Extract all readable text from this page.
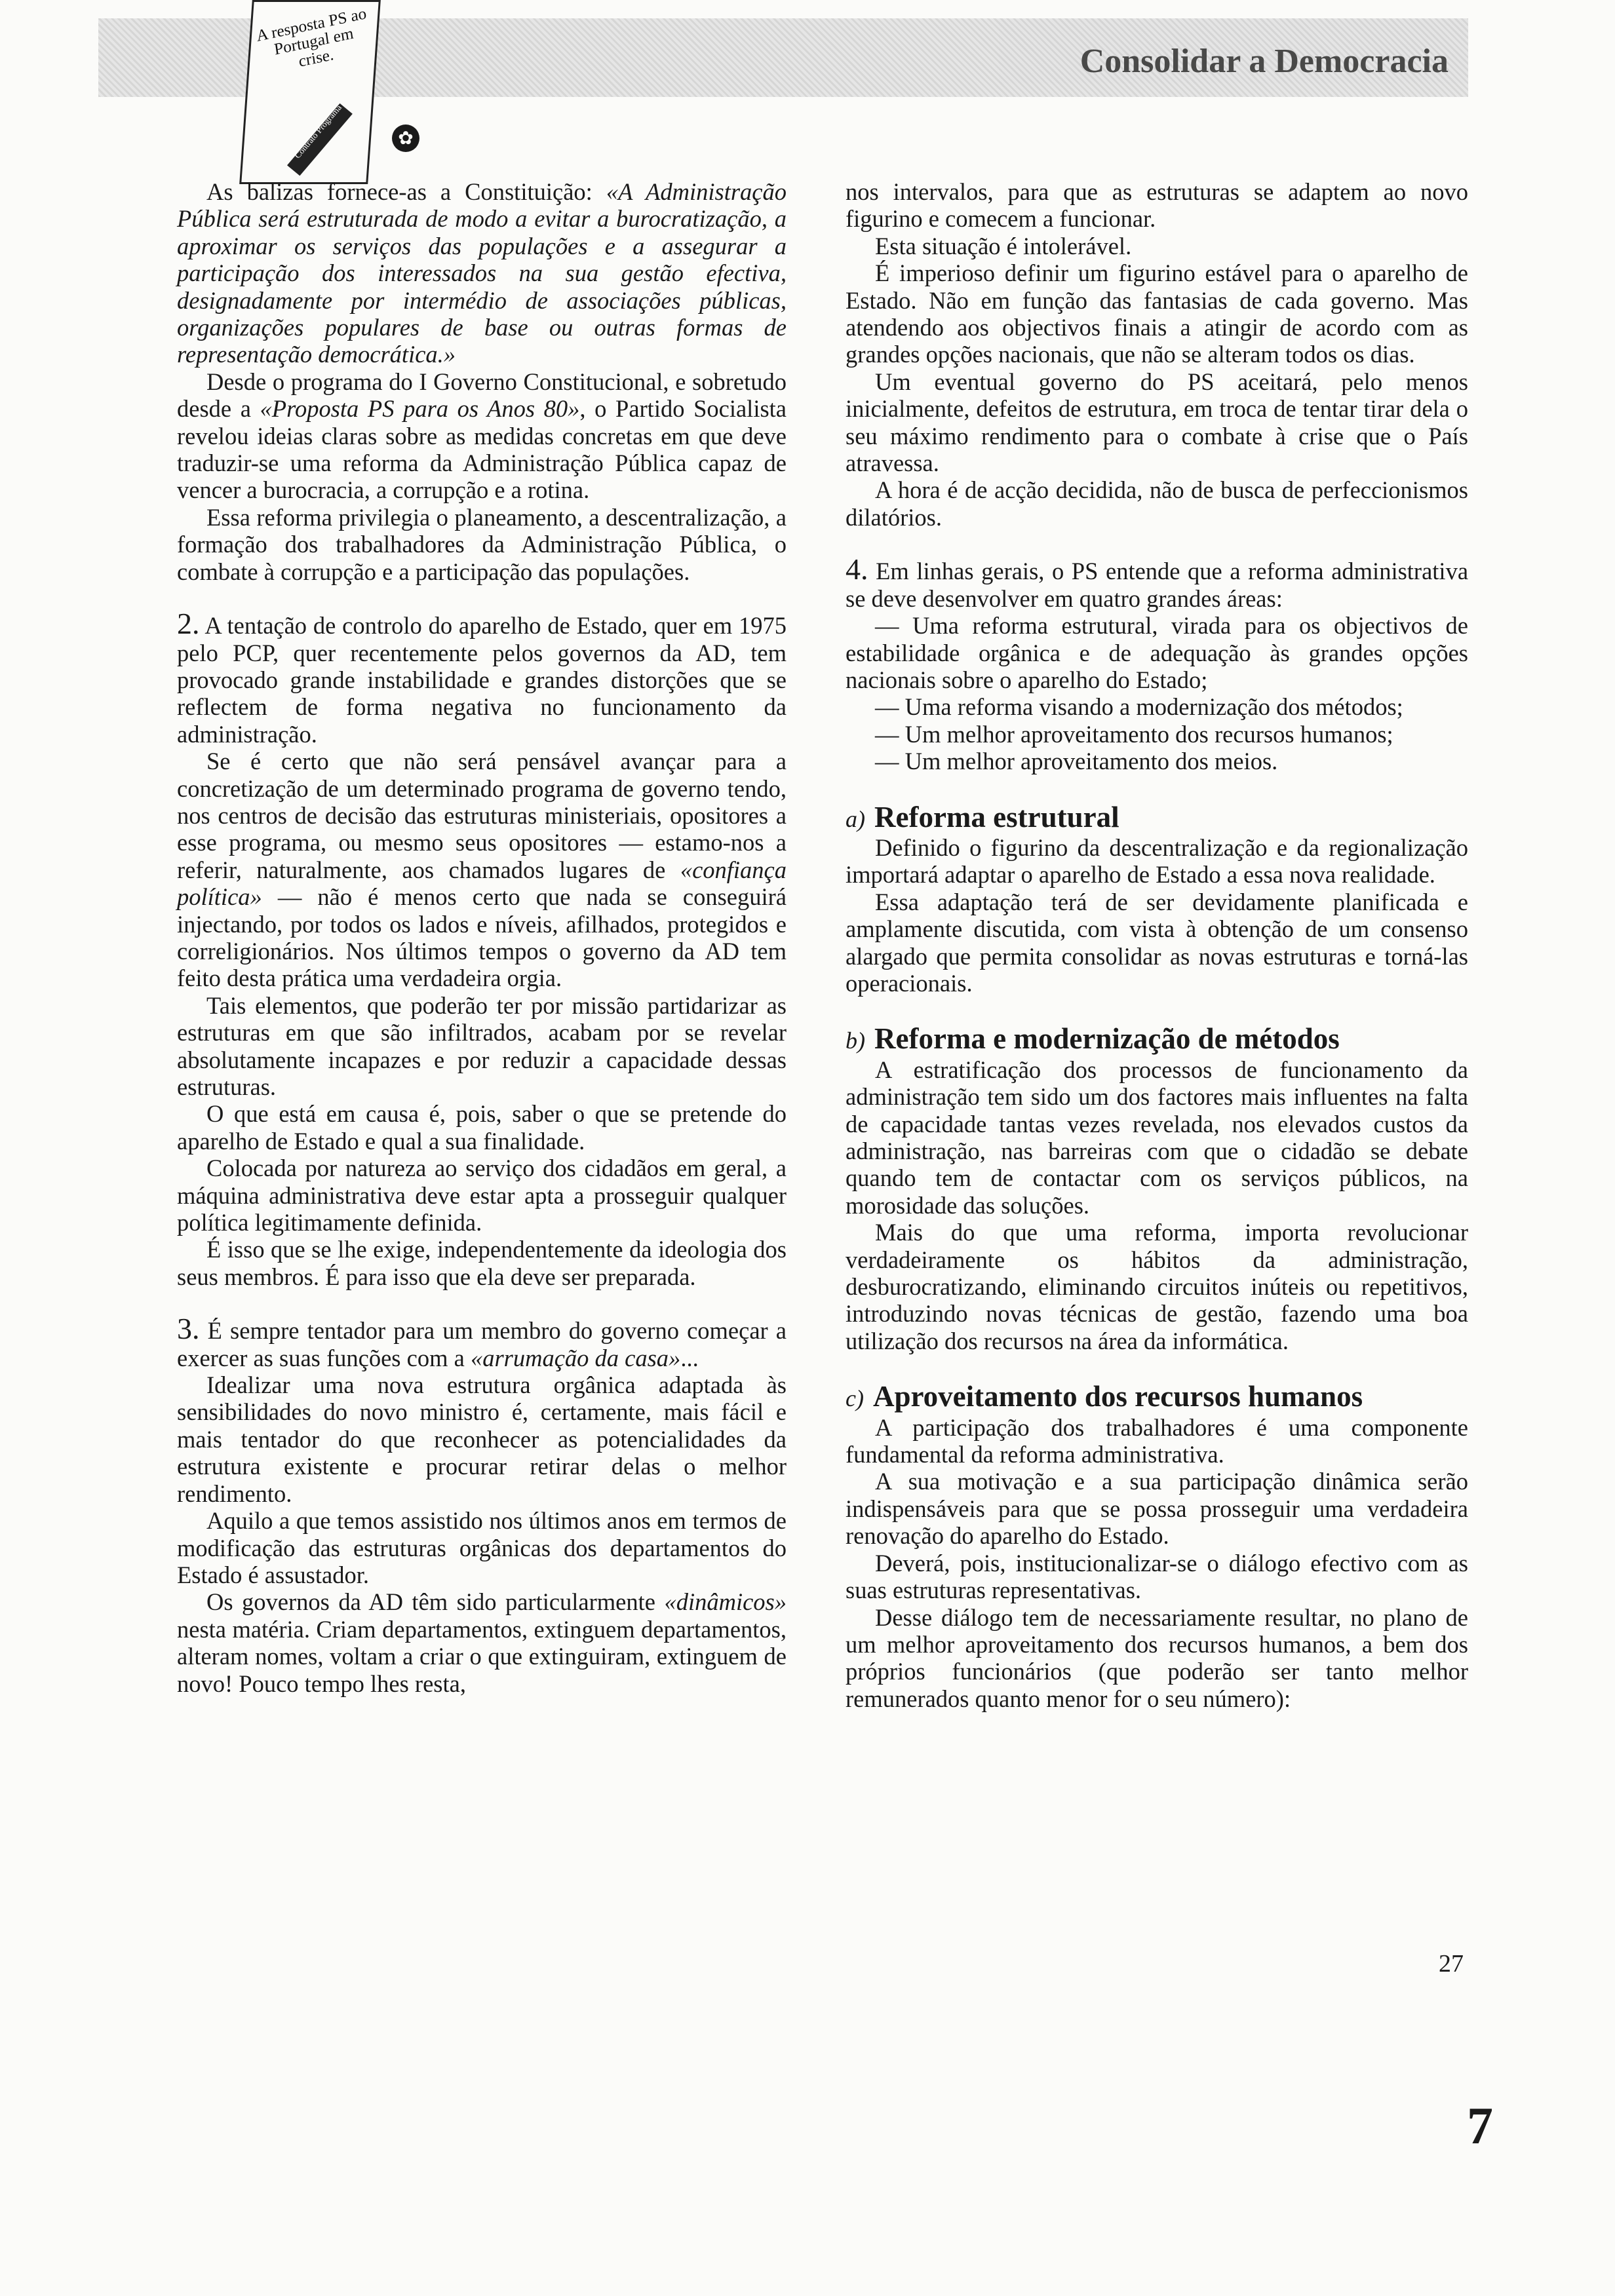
Consolidar a Democracia
A resposta PS ao Portugal em crise.
Contrato Programa	✿

As balizas fornece-as a Constituição: «A Administração Pública será estruturada de modo a evitar a burocratização, a aproximar os serviços das populações e a assegurar a participação dos interessados na sua gestão efectiva, designadamente por intermédio de associações públicas, organizações populares de base ou outras formas de representação democrática.»

Desde o programa do I Governo Constitucional, e sobretudo desde a «Proposta PS para os Anos 80», o Partido Socialista revelou ideias claras sobre as medidas concretas em que deve traduzir-se uma reforma da Administração Pública capaz de vencer a burocracia, a corrupção e a rotina.

Essa reforma privilegia o planeamento, a descentralização, a formação dos trabalhadores da Administração Pública, o combate à corrupção e a participação das populações.

2. A tentação de controlo do aparelho de Estado, quer em 1975 pelo PCP, quer recentemente pelos governos da AD, tem provocado grande instabilidade e grandes distorções que se reflectem de forma negativa no funcionamento da administração.

Se é certo que não será pensável avançar para a concretização de um determinado programa de governo tendo, nos centros de decisão das estruturas ministeriais, opositores a esse programa, ou mesmo seus opositores — estamo-nos a referir, naturalmente, aos chamados lugares de «confiança política» — não é menos certo que nada se conseguirá injectando, por todos os lados e níveis, afilhados, protegidos e correligionários. Nos últimos tempos o governo da AD tem feito desta prática uma verdadeira orgia.

Tais elementos, que poderão ter por missão partidarizar as estruturas em que são infiltrados, acabam por se revelar absolutamente incapazes e por reduzir a capacidade dessas estruturas.

O que está em causa é, pois, saber o que se pretende do aparelho de Estado e qual a sua finalidade.

Colocada por natureza ao serviço dos cidadãos em geral, a máquina administrativa deve estar apta a prosseguir qualquer política legitimamente definida.

É isso que se lhe exige, independentemente da ideologia dos seus membros. É para isso que ela deve ser preparada.

3. É sempre tentador para um membro do governo começar a exercer as suas funções com a «arrumação da casa»...

Idealizar uma nova estrutura orgânica adaptada às sensibilidades do novo ministro é, certamente, mais fácil e mais tentador do que reconhecer as potencialidades da estrutura existente e procurar retirar delas o melhor rendimento.

Aquilo a que temos assistido nos últimos anos em termos de modificação das estruturas orgânicas dos departamentos do Estado é assustador.

Os governos da AD têm sido particularmente «dinâmicos» nesta matéria. Criam departamentos, extinguem departamentos, alteram nomes, voltam a criar o que extinguiram, extinguem de novo! Pouco tempo lhes resta,

nos intervalos, para que as estruturas se adaptem ao novo figurino e comecem a funcionar.

Esta situação é intolerável.

É imperioso definir um figurino estável para o aparelho de Estado. Não em função das fantasias de cada governo. Mas atendendo aos objectivos finais a atingir de acordo com as grandes opções nacionais, que não se alteram todos os dias.

Um eventual governo do PS aceitará, pelo menos inicialmente, defeitos de estrutura, em troca de tentar tirar dela o seu máximo rendimento para o combate à crise que o País atravessa.

A hora é de acção decidida, não de busca de perfeccionismos dilatórios.

4. Em linhas gerais, o PS entende que a reforma administrativa se deve desenvolver em quatro grandes áreas:

— Uma reforma estrutural, virada para os objectivos de estabilidade orgânica e de adequação às grandes opções nacionais sobre o aparelho do Estado;

— Uma reforma visando a modernização dos métodos;

— Um melhor aproveitamento dos recursos humanos;

— Um melhor aproveitamento dos meios.

a) Reforma estrutural

Definido o figurino da descentralização e da regionalização importará adaptar o aparelho de Estado a essa nova realidade.

Essa adaptação terá de ser devidamente planificada e amplamente discutida, com vista à obtenção de um consenso alargado que permita consolidar as novas estruturas e torná-las operacionais.

b) Reforma e modernização de métodos

A estratificação dos processos de funcionamento da administração tem sido um dos factores mais influentes na falta de capacidade tantas vezes revelada, nos elevados custos da administração, nas barreiras com que o cidadão se debate quando tem de contactar com os serviços públicos, na morosidade das soluções.

Mais do que uma reforma, importa revolucionar verdadeiramente os hábitos da administração, desburocratizando, eliminando circuitos inúteis ou repetitivos, introduzindo novas técnicas de gestão, fazendo uma boa utilização dos recursos na área da informática.

c) Aproveitamento dos recursos humanos

A participação dos trabalhadores é uma componente fundamental da reforma administrativa.

A sua motivação e a sua participação dinâmica serão indispensáveis para que se possa prosseguir uma verdadeira renovação do aparelho do Estado.

Deverá, pois, institucionalizar-se o diálogo efectivo com as suas estruturas representativas.

Desse diálogo tem de necessariamente resultar, no plano de um melhor aproveitamento dos recursos humanos, a bem dos próprios funcionários (que poderão ser tanto melhor remunerados quanto menor for o seu número):

27
7
